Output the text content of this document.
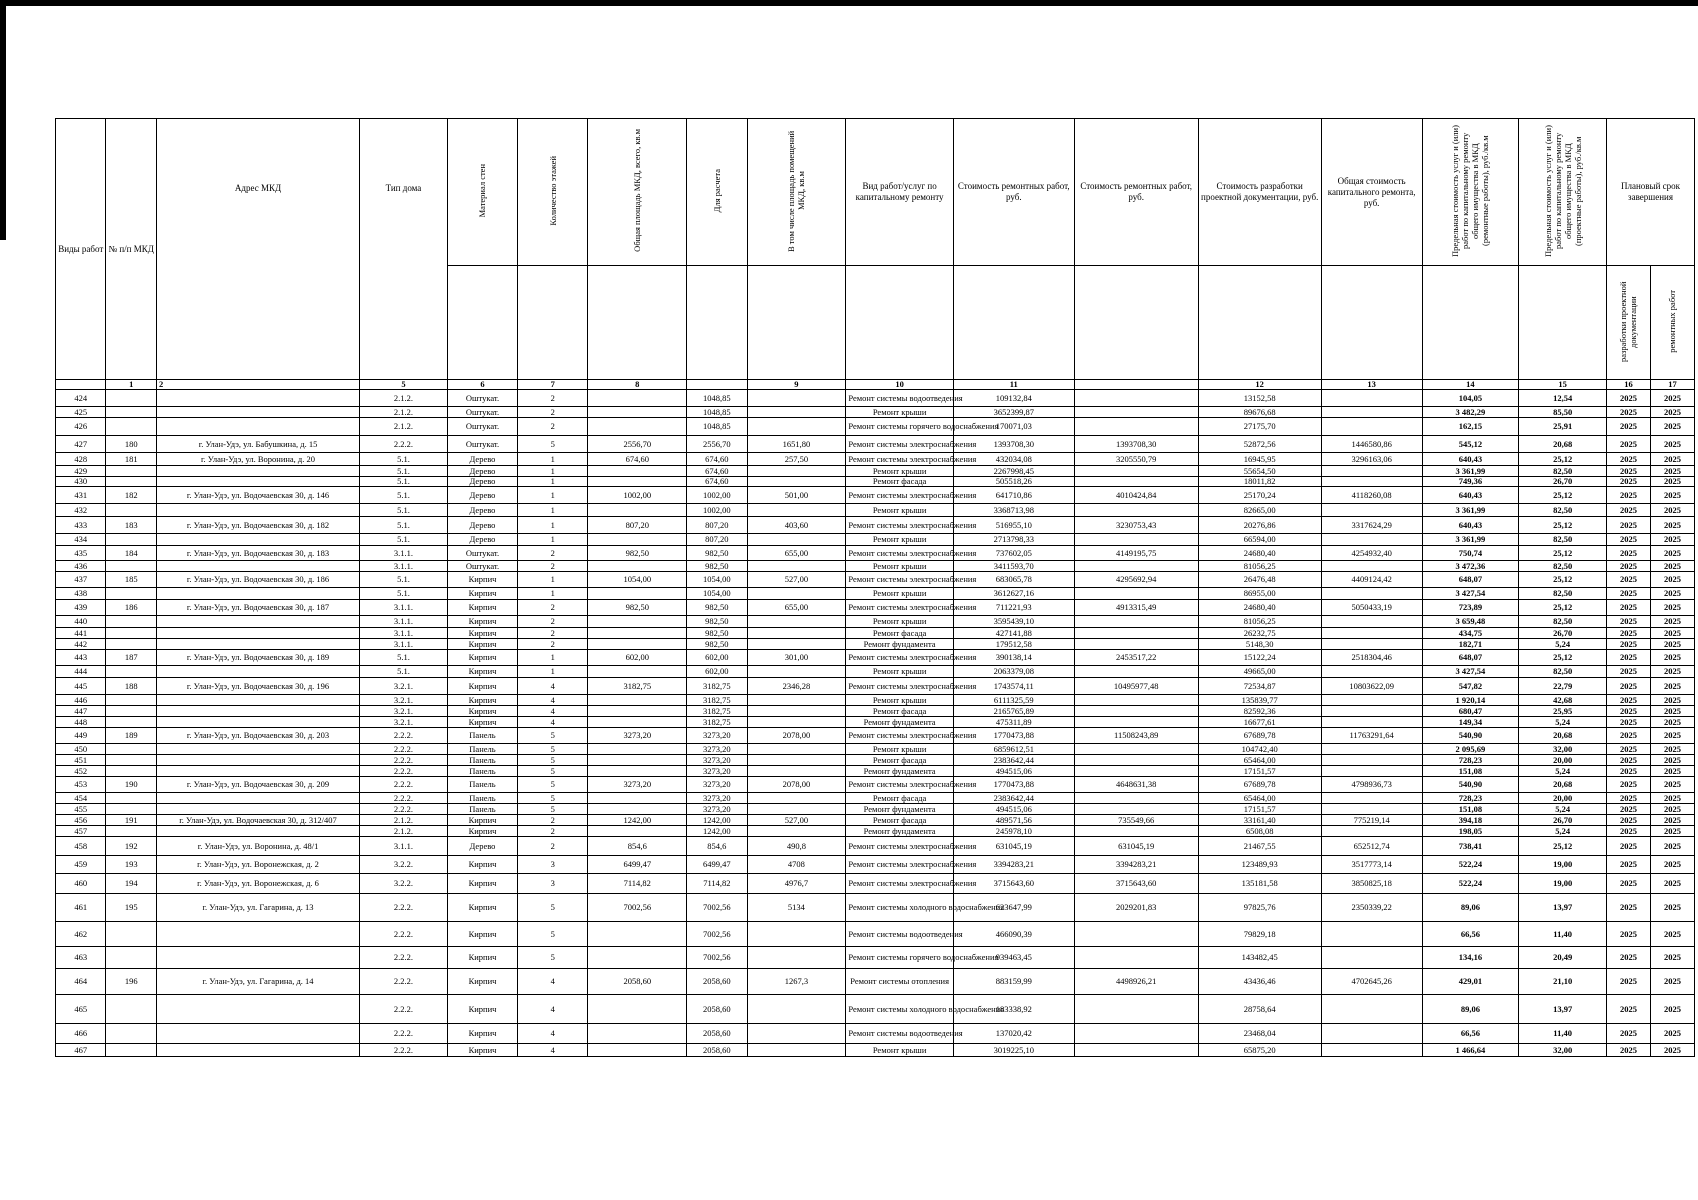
Виды работ	№ п/п МКД	Адрес МКД	Тип дома	Материал стен	Количество этажей	Общая площадь МКД, всего, кв.м	Для расчета	В том числе площадь помещений МКД, кв.м	Вид работ/услуг по капитальному ремонту	Стоимость ремонтных работ, руб.	Стоимость ремонтных работ, руб.	Стоимость разработки проектной документации, руб.	Общая стоимость капитального ремонта, руб.	Предельная стоимость услуг и (или) работ по капитальному ремонту общего имущества в МКД (ремонтные работы), руб./кв.м	Предельная стоимость услуг и (или) работ по капитальному ремонту общего имущества в МКД (проектные работы), руб./кв.м	Плановый срок завершения	
																разработки проектной документации	ремонтных работ
	1	2	5	6	7	8		9	10	11		12	13	14	15	16	17
424			2.1.2.	Оштукат.	2		1048,85		Ремонт системы водоотведения	109132,84		13152,58		104,05	12,54	2025	2025
425			2.1.2.	Оштукат.	2		1048,85		Ремонт крыши	3652399,87		89676,68		3 482,29	85,50	2025	2025
426			2.1.2.	Оштукат.	2		1048,85		Ремонт системы горячего водоснабжения	170071,03		27175,70		162,15	25,91	2025	2025
427	180	г. Улан-Удэ, ул. Бабушкина, д. 15	2.2.2.	Оштукат.	5	2556,70	2556,70	1651,80	Ремонт системы электроснабжения	1393708,30	1393708,30	52872,56	1446580,86	545,12	20,68	2025	2025
428	181	г. Улан-Удэ, ул. Воронина, д. 20	5.1.	Дерево	1	674,60	674,60	257,50	Ремонт системы электроснабжения	432034,08	3205550,79	16945,95	3296163,06	640,43	25,12	2025	2025
429			5.1.	Дерево	1		674,60		Ремонт крыши	2267998,45		55654,50		3 361,99	82,50	2025	2025
430			5.1.	Дерево	1		674,60		Ремонт фасада	505518,26		18011,82		749,36	26,70	2025	2025
431	182	г. Улан-Удэ, ул. Водочаевская 30, д. 146	5.1.	Дерево	1	1002,00	1002,00	501,00	Ремонт системы электроснабжения	641710,86	4010424,84	25170,24	4118260,08	640,43	25,12	2025	2025
432			5.1.	Дерево	1		1002,00		Ремонт крыши	3368713,98		82665,00		3 361,99	82,50	2025	2025
433	183	г. Улан-Удэ, ул. Водочаевская 30, д. 182	5.1.	Дерево	1	807,20	807,20	403,60	Ремонт системы электроснабжения	516955,10	3230753,43	20276,86	3317624,29	640,43	25,12	2025	2025
434			5.1.	Дерево	1		807,20		Ремонт крыши	2713798,33		66594,00		3 361,99	82,50	2025	2025
435	184	г. Улан-Удэ, ул. Водочаевская 30, д. 183	3.1.1.	Оштукат.	2	982,50	982,50	655,00	Ремонт системы электроснабжения	737602,05	4149195,75	24680,40	4254932,40	750,74	25,12	2025	2025
436			3.1.1.	Оштукат.	2		982,50		Ремонт крыши	3411593,70		81056,25		3 472,36	82,50	2025	2025
437	185	г. Улан-Удэ, ул. Водочаевская 30, д. 186	5.1.	Кирпич	1	1054,00	1054,00	527,00	Ремонт системы электроснабжения	683065,78	4295692,94	26476,48	4409124,42	648,07	25,12	2025	2025
438			5.1.	Кирпич	1		1054,00		Ремонт крыши	3612627,16		86955,00		3 427,54	82,50	2025	2025
439	186	г. Улан-Удэ, ул. Водочаевская 30, д. 187	3.1.1.	Кирпич	2	982,50	982,50	655,00	Ремонт системы электроснабжения	711221,93	4913315,49	24680,40	5050433,19	723,89	25,12	2025	2025
440			3.1.1.	Кирпич	2		982,50		Ремонт крыши	3595439,10		81056,25		3 659,48	82,50	2025	2025
441			3.1.1.	Кирпич	2		982,50		Ремонт фасада	427141,88		26232,75		434,75	26,70	2025	2025
442			3.1.1.	Кирпич	2		982,50		Ремонт фундамента	179512,58		5148,30		182,71	5,24	2025	2025
443	187	г. Улан-Удэ, ул. Водочаевская 30, д. 189	5.1.	Кирпич	1	602,00	602,00	301,00	Ремонт системы электроснабжения	390138,14	2453517,22	15122,24	2518304,46	648,07	25,12	2025	2025
444			5.1.	Кирпич	1		602,00		Ремонт крыши	2063379,08		49665,00		3 427,54	82,50	2025	2025
445	188	г. Улан-Удэ, ул. Водочаевская 30, д. 196	3.2.1.	Кирпич	4	3182,75	3182,75	2346,28	Ремонт системы электроснабжения	1743574,11	10495977,48	72534,87	10803622,09	547,82	22,79	2025	2025
446			3.2.1.	Кирпич	4		3182,75		Ремонт крыши	6111325,59		135839,77		1 920,14	42,68	2025	2025
447			3.2.1.	Кирпич	4		3182,75		Ремонт фасада	2165765,89		82592,36		680,47	25,95	2025	2025
448			3.2.1.	Кирпич	4		3182,75		Ремонт фундамента	475311,89		16677,61		149,34	5,24	2025	2025
449	189	г. Улан-Удэ, ул. Водочаевская 30, д. 203	2.2.2.	Панель	5	3273,20	3273,20	2078,00	Ремонт системы электроснабжения	1770473,88	11508243,89	67689,78	11763291,64	540,90	20,68	2025	2025
450			2.2.2.	Панель	5		3273,20		Ремонт крыши	6859612,51		104742,40		2 095,69	32,00	2025	2025
451			2.2.2.	Панель	5		3273,20		Ремонт фасада	2383642,44		65464,00		728,23	20,00	2025	2025
452			2.2.2.	Панель	5		3273,20		Ремонт фундамента	494515,06		17151,57		151,08	5,24	2025	2025
453	190	г. Улан-Удэ, ул. Водочаевская 30, д. 209	2.2.2.	Панель	5	3273,20	3273,20	2078,00	Ремонт системы электроснабжения	1770473,88	4648631,38	67689,78	4798936,73	540,90	20,68	2025	2025
454			2.2.2.	Панель	5		3273,20		Ремонт фасада	2383642,44		65464,00		728,23	20,00	2025	2025
455			2.2.2.	Панель	5		3273,20		Ремонт фундамента	494515,06		17151,57		151,08	5,24	2025	2025
456	191	г. Улан-Удэ, ул. Водочаевская 30, д. 312/407	2.1.2.	Кирпич	2	1242,00	1242,00	527,00	Ремонт фасада	489571,56	735549,66	33161,40	775219,14	394,18	26,70	2025	2025
457			2.1.2.	Кирпич	2		1242,00		Ремонт фундамента	245978,10		6508,08		198,05	5,24	2025	2025
458	192	г. Улан-Удэ, ул. Воронина, д. 48/1	3.1.1.	Дерево	2	854,6	854,6	490,8	Ремонт системы электроснабжения	631045,19	631045,19	21467,55	652512,74	738,41	25,12	2025	2025
459	193	г. Улан-Удэ, ул. Воронежская, д. 2	3.2.2.	Кирпич	3	6499,47	6499,47	4708	Ремонт системы электроснабжения	3394283,21	3394283,21	123489,93	3517773,14	522,24	19,00	2025	2025
460	194	г. Улан-Удэ, ул. Воронежская, д. 6	3.2.2.	Кирпич	3	7114,82	7114,82	4976,7	Ремонт системы электроснабжения	3715643,60	3715643,60	135181,58	3850825,18	522,24	19,00	2025	2025
461	195	г. Улан-Удэ, ул. Гагарина, д. 13	2.2.2.	Кирпич	5	7002,56	7002,56	5134	Ремонт системы холодного водоснабжения	623647,99	2029201,83	97825,76	2350339,22	89,06	13,97	2025	2025
462			2.2.2.	Кирпич	5		7002,56		Ремонт системы водоотведения	466090,39		79829,18		66,56	11,40	2025	2025
463			2.2.2.	Кирпич	5		7002,56		Ремонт системы горячего водоснабжения	939463,45		143482,45		134,16	20,49	2025	2025
464	196	г. Улан-Удэ, ул. Гагарина, д. 14	2.2.2.	Кирпич	4	2058,60	2058,60	1267,3	Ремонт системы отопления	883159,99	4498926,21	43436,46	4702645,26	429,01	21,10	2025	2025
465			2.2.2.	Кирпич	4		2058,60		Ремонт системы холодного водоснабжения	183338,92		28758,64		89,06	13,97	2025	2025
466			2.2.2.	Кирпич	4		2058,60		Ремонт системы водоотведения	137020,42		23468,04		66,56	11,40	2025	2025
467			2.2.2.	Кирпич	4		2058,60		Ремонт крыши	3019225,10		65875,20		1 466,64	32,00	2025	2025
